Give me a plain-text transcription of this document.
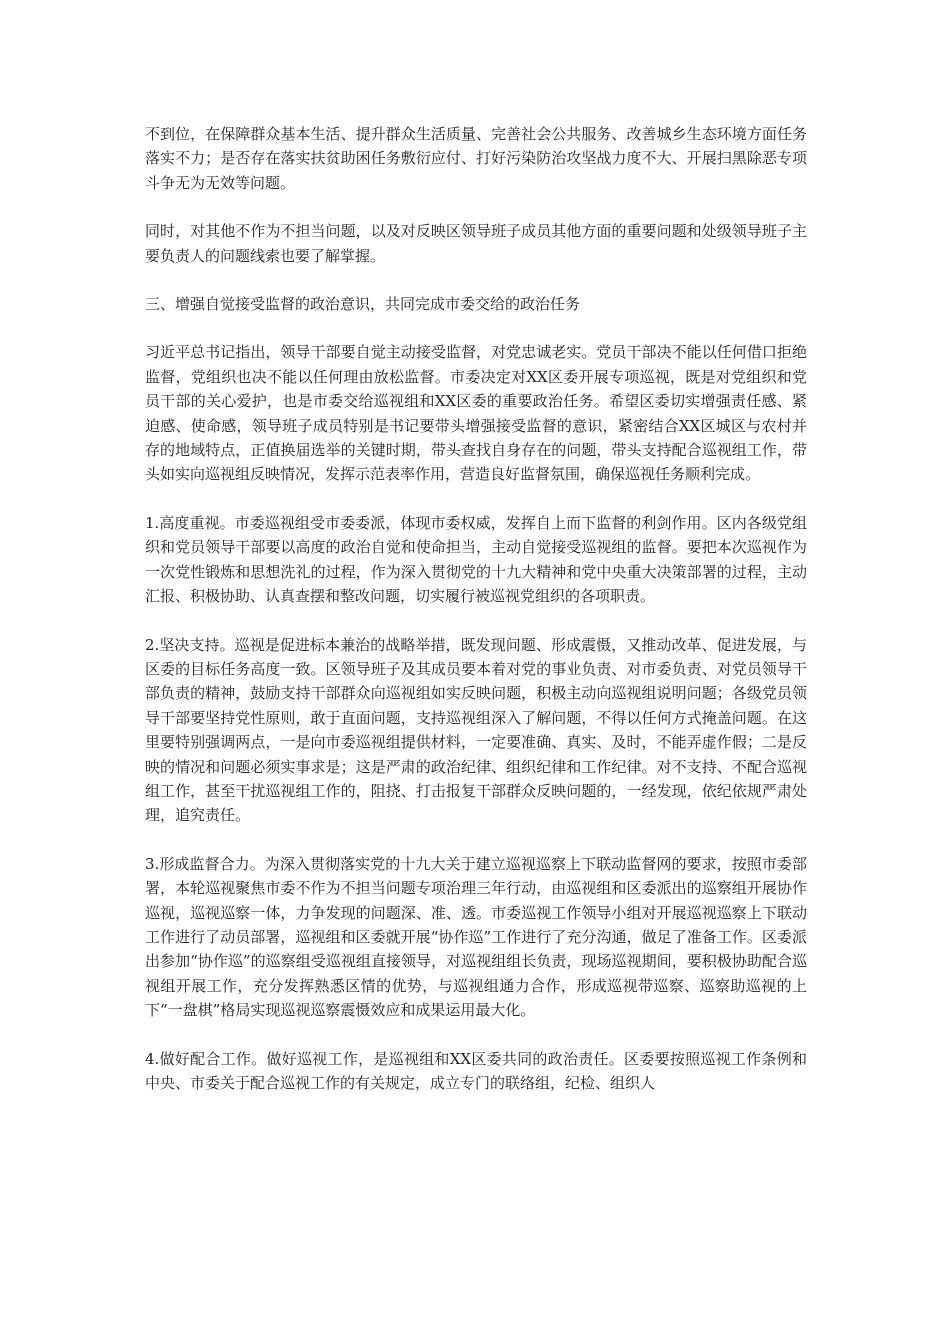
不到位，在保障群众基本生活、提升群众生活质量、完善社会公共服务、改善城乡生态环境方面任务落实不力；是否存在落实扶贫助困任务敷衍应付、打好污染防治攻坚战力度不大、开展扫黑除恶专项斗争无为无效等问题。

同时，对其他不作为不担当问题，以及对反映区领导班子成员其他方面的重要问题和处级领导班子主要负责人的问题线索也要了解掌握。

三、增强自觉接受监督的政治意识，共同完成市委交给的政治任务

习近平总书记指出，领导干部要自觉主动接受监督，对党忠诚老实。党员干部决不能以任何借口拒绝监督，党组织也决不能以任何理由放松监督。市委决定对XX区委开展专项巡视，既是对党组织和党员干部的关心爱护，也是市委交给巡视组和XX区委的重要政治任务。希望区委切实增强责任感、紧迫感、使命感，领导班子成员特别是书记要带头增强接受监督的意识，紧密结合XX区城区与农村并存的地域特点，正值换届选举的关键时期，带头查找自身存在的问题，带头支持配合巡视组工作，带头如实向巡视组反映情况，发挥示范表率作用，营造良好监督氛围，确保巡视任务顺利完成。

1.高度重视。市委巡视组受市委委派，体现市委权威，发挥自上而下监督的利剑作用。区内各级党组织和党员领导干部要以高度的政治自觉和使命担当，主动自觉接受巡视组的监督。要把本次巡视作为一次党性锻炼和思想洗礼的过程，作为深入贯彻党的十九大精神和党中央重大决策部署的过程，主动汇报、积极协助、认真查摆和整改问题，切实履行被巡视党组织的各项职责。

2.坚决支持。巡视是促进标本兼治的战略举措，既发现问题、形成震慑，又推动改革、促进发展，与区委的目标任务高度一致。区领导班子及其成员要本着对党的事业负责、对市委负责、对党员领导干部负责的精神，鼓励支持干部群众向巡视组如实反映问题，积极主动向巡视组说明问题；各级党员领导干部要坚持党性原则，敢于直面问题，支持巡视组深入了解问题，不得以任何方式掩盖问题。在这里要特别强调两点，一是向市委巡视组提供材料，一定要准确、真实、及时，不能弄虚作假；二是反映的情况和问题必须实事求是；这是严肃的政治纪律、组织纪律和工作纪律。对不支持、不配合巡视组工作，甚至干扰巡视组工作的，阻挠、打击报复干部群众反映问题的，一经发现，依纪依规严肃处理，追究责任。

3.形成监督合力。为深入贯彻落实党的十九大关于建立巡视巡察上下联动监督网的要求，按照市委部署，本轮巡视聚焦市委不作为不担当问题专项治理三年行动，由巡视组和区委派出的巡察组开展协作巡视，巡视巡察一体，力争发现的问题深、准、透。市委巡视工作领导小组对开展巡视巡察上下联动工作进行了动员部署，巡视组和区委就开展“协作巡”工作进行了充分沟通，做足了准备工作。区委派出参加“协作巡”的巡察组受巡视组直接领导，对巡视组组长负责，现场巡视期间，要积极协助配合巡视组开展工作，充分发挥熟悉区情的优势，与巡视组通力合作，形成巡视带巡察、巡察助巡视的上下“一盘棋”格局实现巡视巡察震慑效应和成果运用最大化。

4.做好配合工作。做好巡视工作，是巡视组和XX区委共同的政治责任。区委要按照巡视工作条例和中央、市委关于配合巡视工作的有关规定，成立专门的联络组，纪检、组织人
